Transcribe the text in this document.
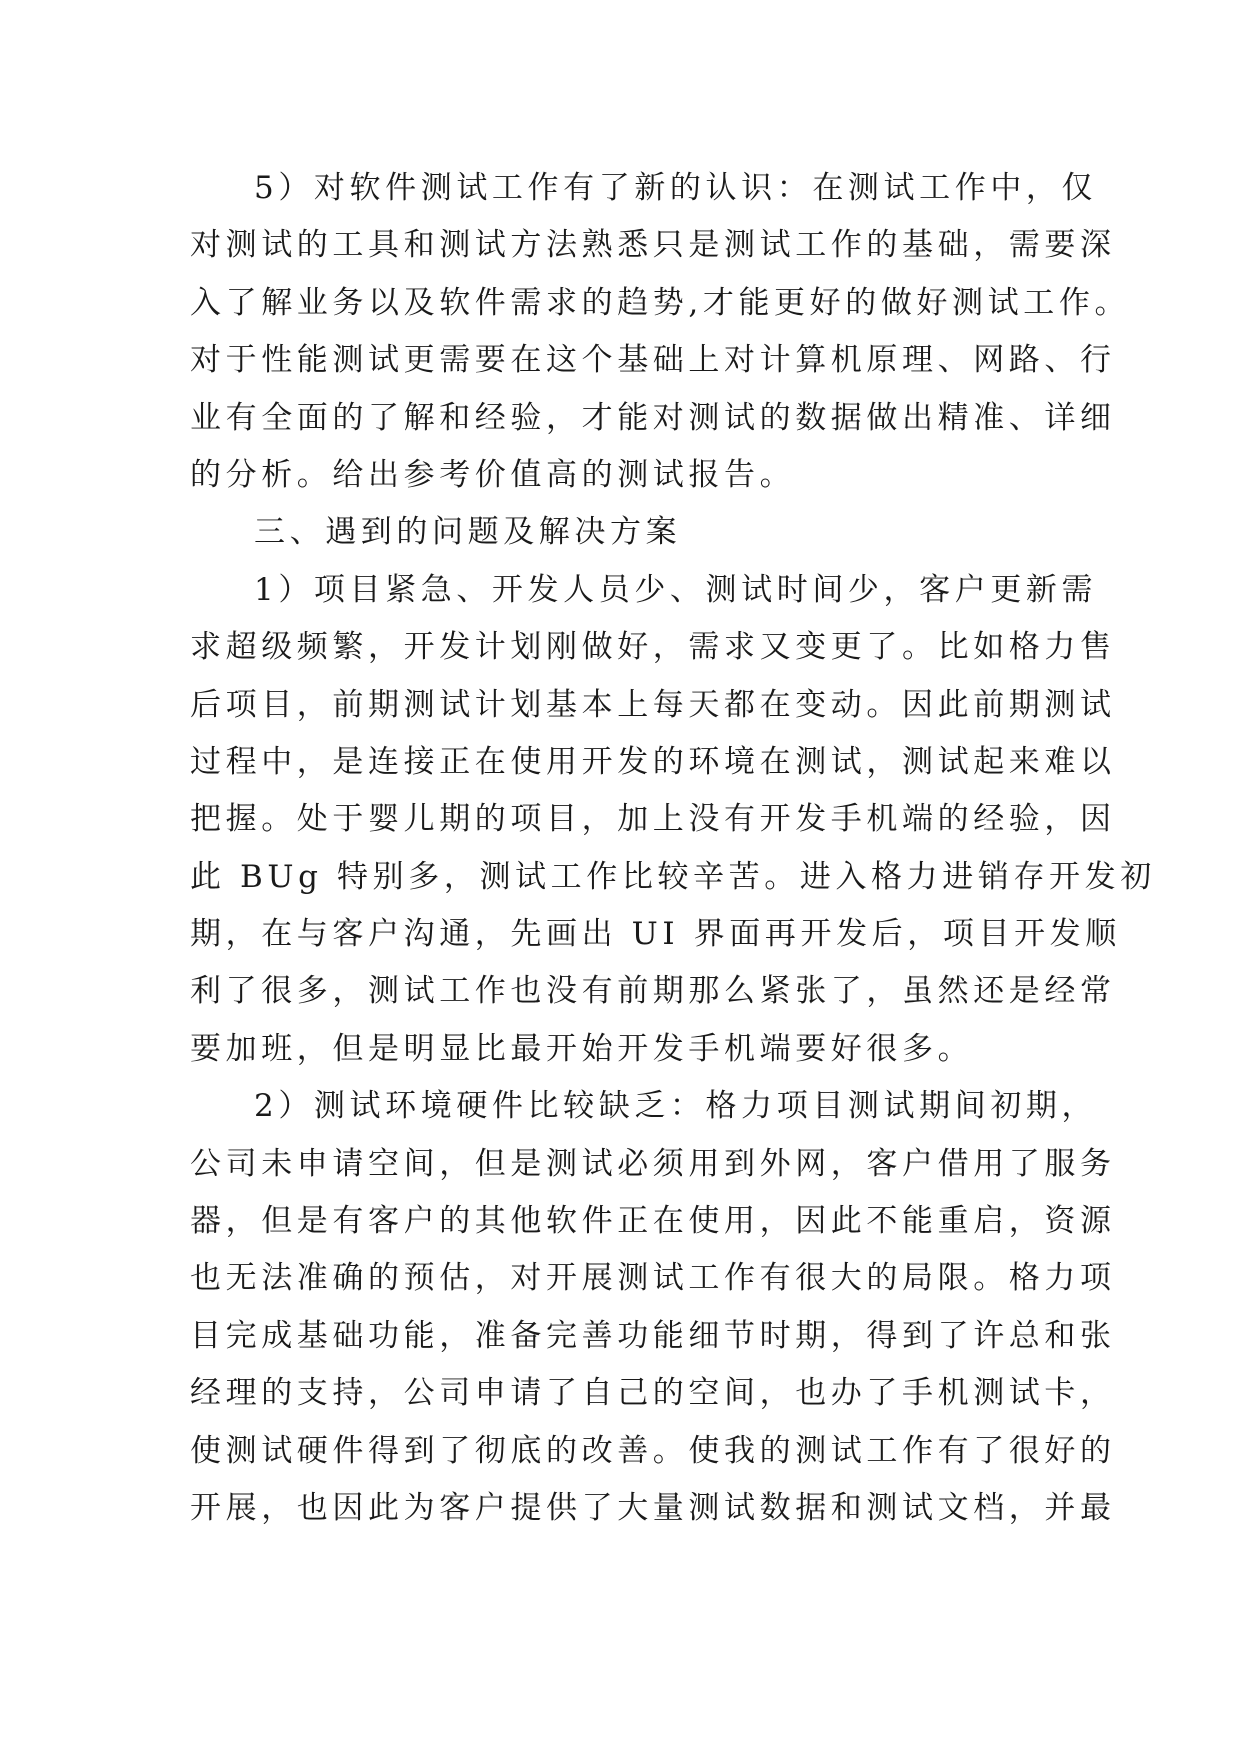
5）对软件测试工作有了新的认识：在测试工作中，仅
对测试的工具和测试方法熟悉只是测试工作的基础，需要深
入了解业务以及软件需求的趋势,才能更好的做好测试工作。
对于性能测试更需要在这个基础上对计算机原理、网路、行
业有全面的了解和经验，才能对测试的数据做出精准、详细
的分析。给出参考价值高的测试报告。
三、遇到的问题及解决方案
1）项目紧急、开发人员少、测试时间少，客户更新需
求超级频繁，开发计划刚做好，需求又变更了。比如格力售
后项目，前期测试计划基本上每天都在变动。因此前期测试
过程中，是连接正在使用开发的环境在测试，测试起来难以
把握。处于婴儿期的项目，加上没有开发手机端的经验，因
此 BUg 特别多，测试工作比较辛苦。进入格力进销存开发初
期，在与客户沟通，先画出 UI 界面再开发后，项目开发顺
利了很多，测试工作也没有前期那么紧张了，虽然还是经常
要加班，但是明显比最开始开发手机端要好很多。
2）测试环境硬件比较缺乏：格力项目测试期间初期，
公司未申请空间，但是测试必须用到外网，客户借用了服务
器，但是有客户的其他软件正在使用，因此不能重启，资源
也无法准确的预估，对开展测试工作有很大的局限。格力项
目完成基础功能，准备完善功能细节时期，得到了许总和张
经理的支持，公司申请了自己的空间，也办了手机测试卡，
使测试硬件得到了彻底的改善。使我的测试工作有了很好的
开展，也因此为客户提供了大量测试数据和测试文档，并最
